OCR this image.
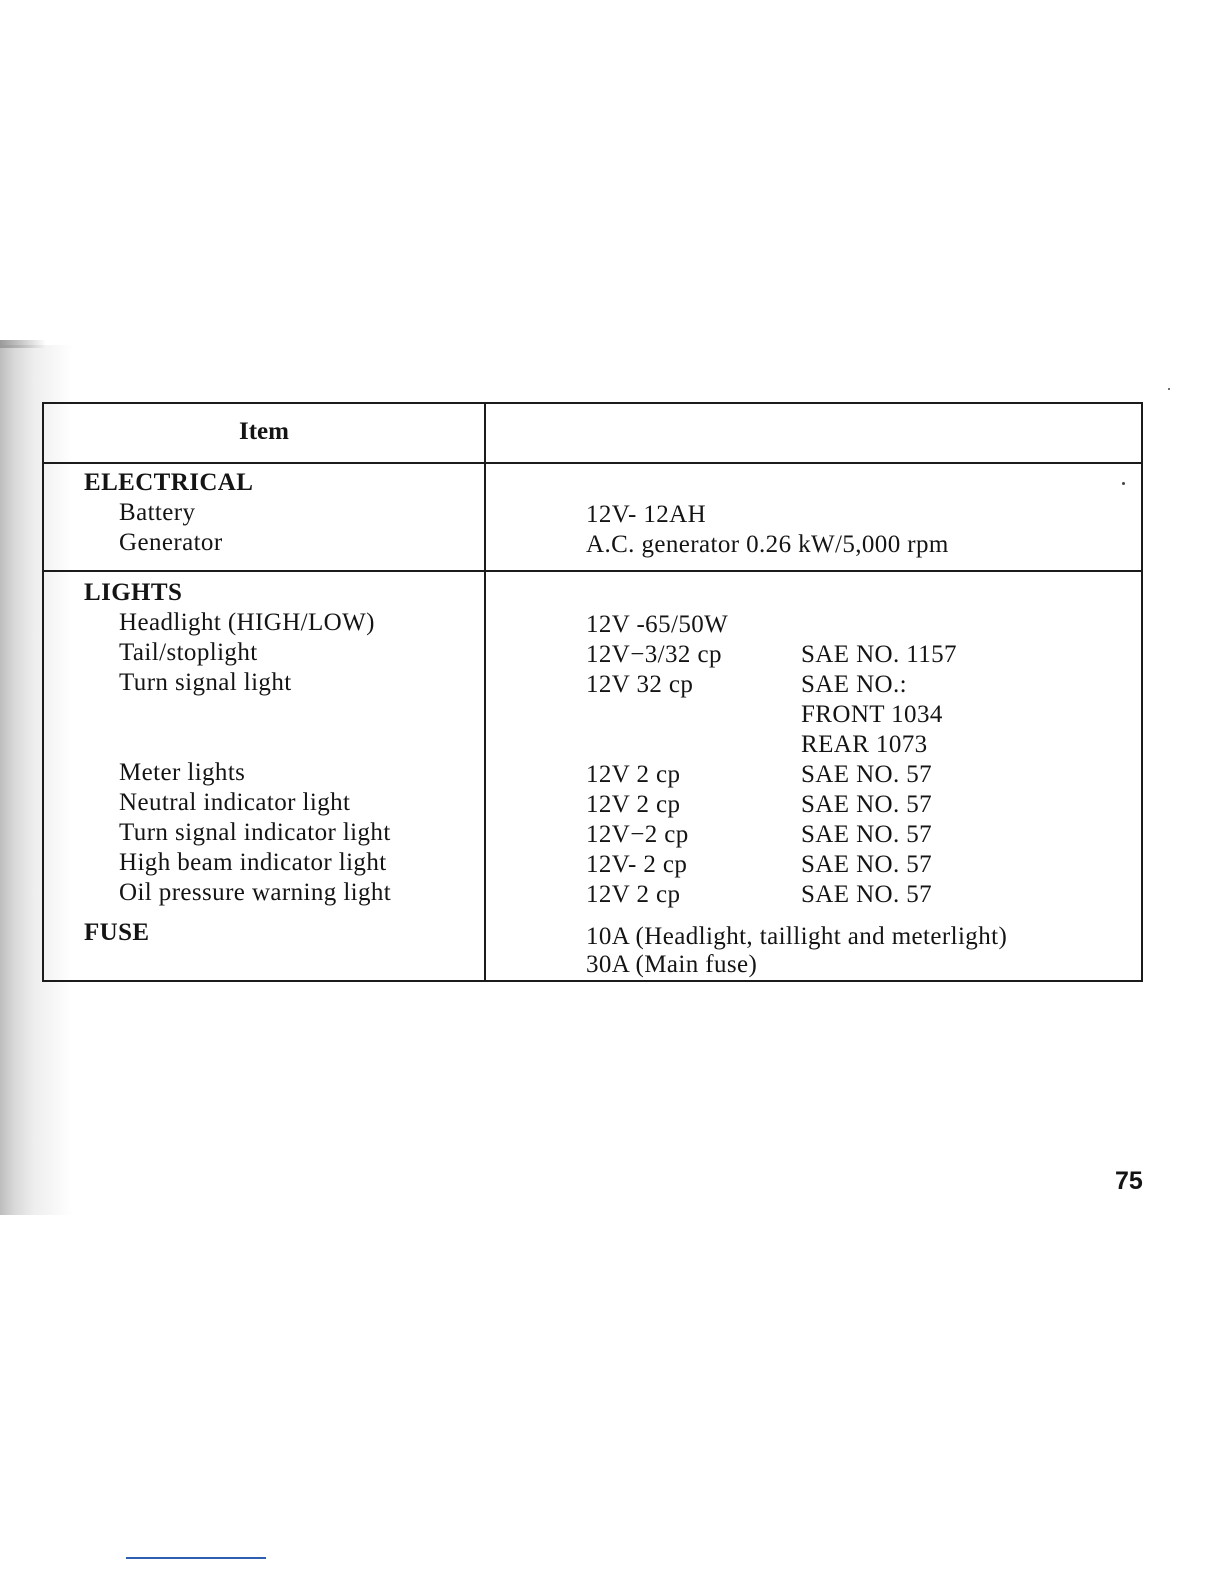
Item
ELECTRICAL
Battery	12V- 12AH
Generator	A.C. generator 0.26 kW/5,000 rpm
LIGHTS
Headlight (HIGH/LOW)	12V -65/50W
Tail/stoplight	12V−3/32 cp	SAE NO. 1157
Turn signal light	12V 32 cp	SAE NO.:
FRONT 1034
REAR 1073
Meter lights	12V 2 cp	SAE NO. 57
Neutral indicator light	12V 2 cp	SAE NO. 57
Turn signal indicator light	12V−2 cp	SAE NO. 57
High beam indicator light	12V- 2 cp	SAE NO. 57
Oil pressure warning light	12V 2 cp	SAE NO. 57
FUSE	10A (Headlight, taillight and meterlight)
30A (Main fuse)
75
